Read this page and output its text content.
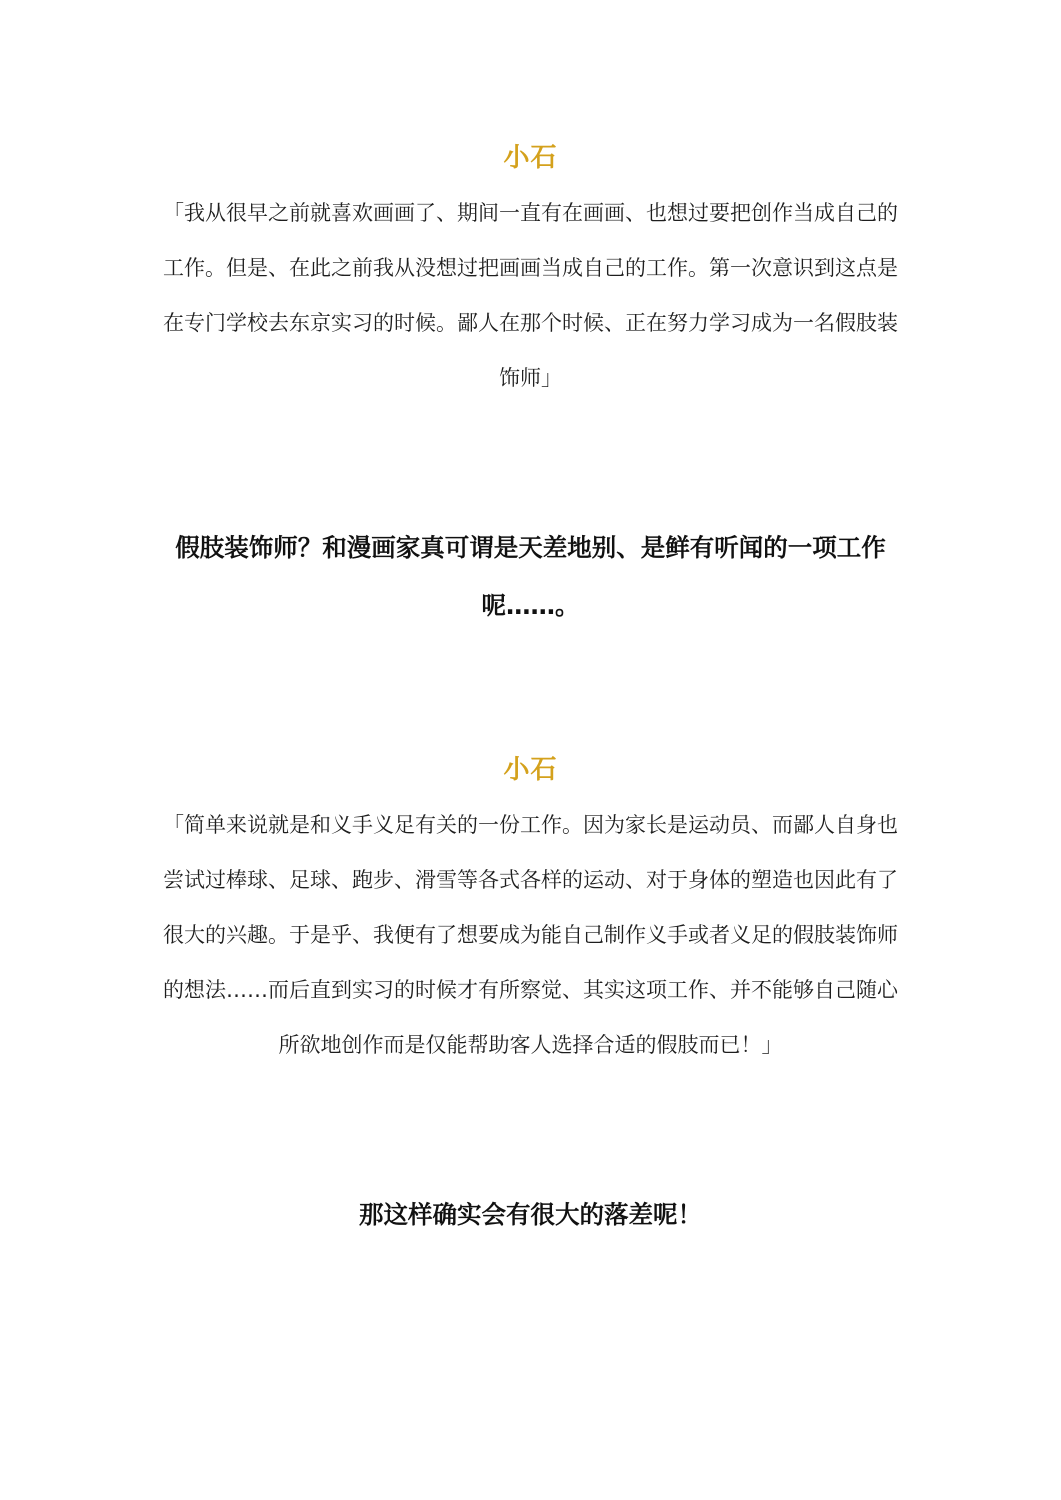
小石
「我从很早之前就喜欢画画了、期间一直有在画画、也想过要把创作当成自己的工作。但是、在此之前我从没想过把画画当成自己的工作。第一次意识到这点是在专门学校去东京实习的时候。鄙人在那个时候、正在努力学习成为一名假肢装饰师」
假肢装饰师？和漫画家真可谓是天差地别、是鲜有听闻的一项工作呢……。
小石
「简单来说就是和义手义足有关的一份工作。因为家长是运动员、而鄙人自身也尝试过棒球、足球、跑步、滑雪等各式各样的运动、对于身体的塑造也因此有了很大的兴趣。于是乎、我便有了想要成为能自己制作义手或者义足的假肢装饰师的想法……而后直到实习的时候才有所察觉、其实这项工作、并不能够自己随心所欲地创作而是仅能帮助客人选择合适的假肢而已！」
那这样确实会有很大的落差呢！
